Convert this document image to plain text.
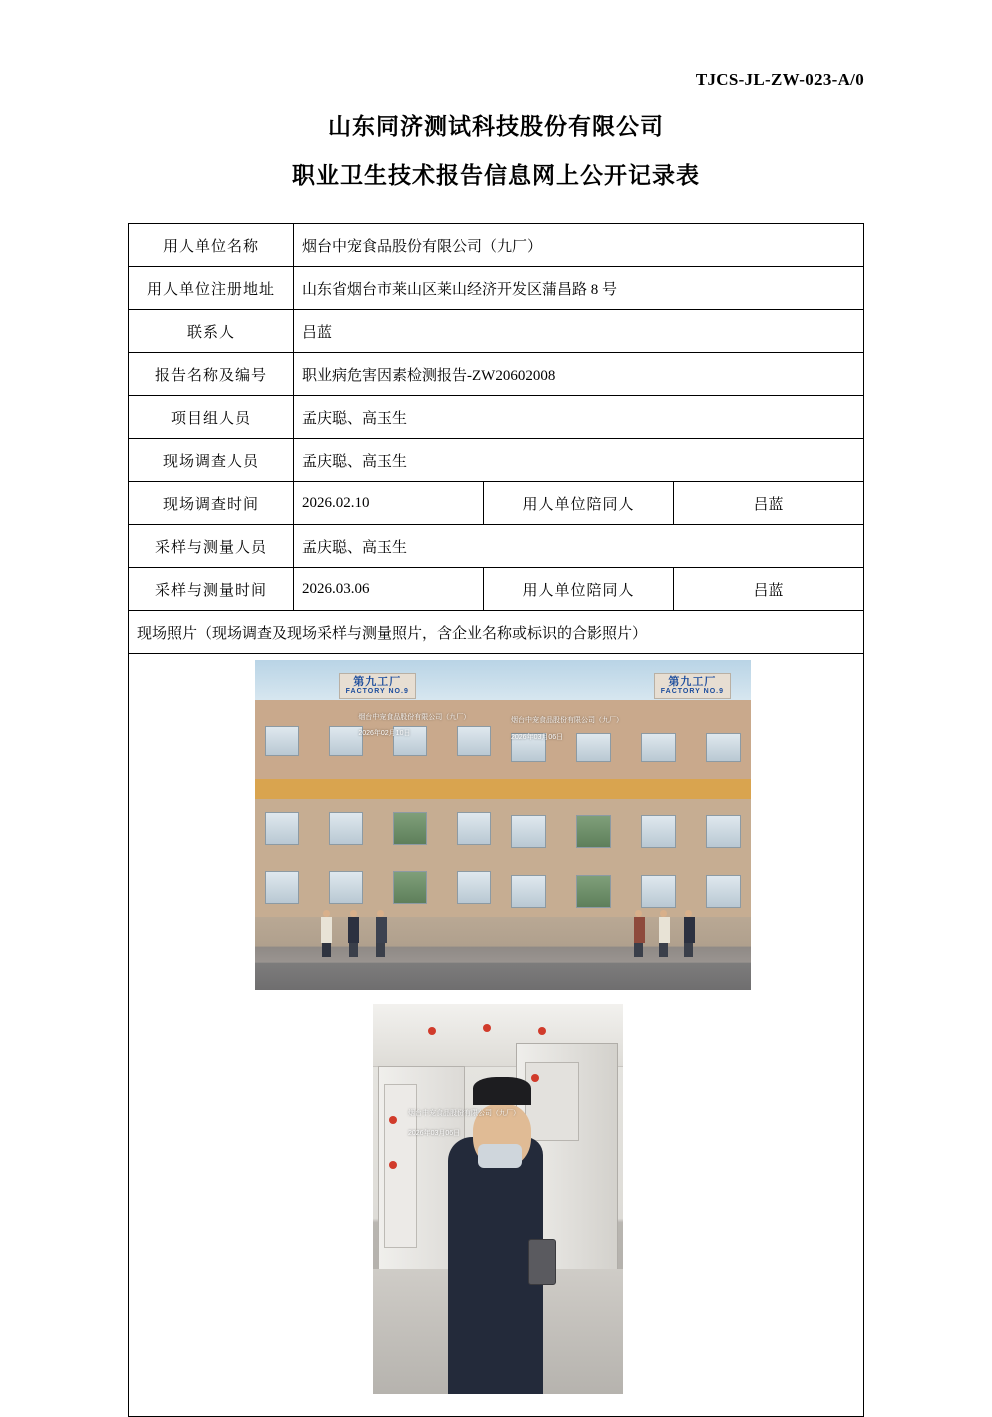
TJCS-JL-ZW-023-A/0
山东同济测试科技股份有限公司
职业卫生技术报告信息网上公开记录表
用人单位名称	烟台中宠食品股份有限公司（九厂）		
用人单位注册地址	山东省烟台市莱山区莱山经济开发区蒲昌路 8 号		
联系人	吕蓝		
报告名称及编号	职业病危害因素检测报告-ZW20602008		
项目组人员	孟庆聪、高玉生		
现场调查人员	孟庆聪、高玉生		
现场调查时间	2026.02.10	用人单位陪同人	吕蓝
采样与测量人员	孟庆聪、高玉生		
采样与测量时间	2026.03.06	用人单位陪同人	吕蓝
现场照片（现场调查及现场采样与测量照片，含企业名称或标识的合影照片）			

第九工厂
FACTORY NO.9
烟台中宠食品股份有限公司（九厂）
2026年02月10日
第九工厂
FACTORY NO.9
烟台中宠食品股份有限公司（九厂）
2026年03月06日
烟台中宠食品股份有限公司（九厂）
2026年03月06日
